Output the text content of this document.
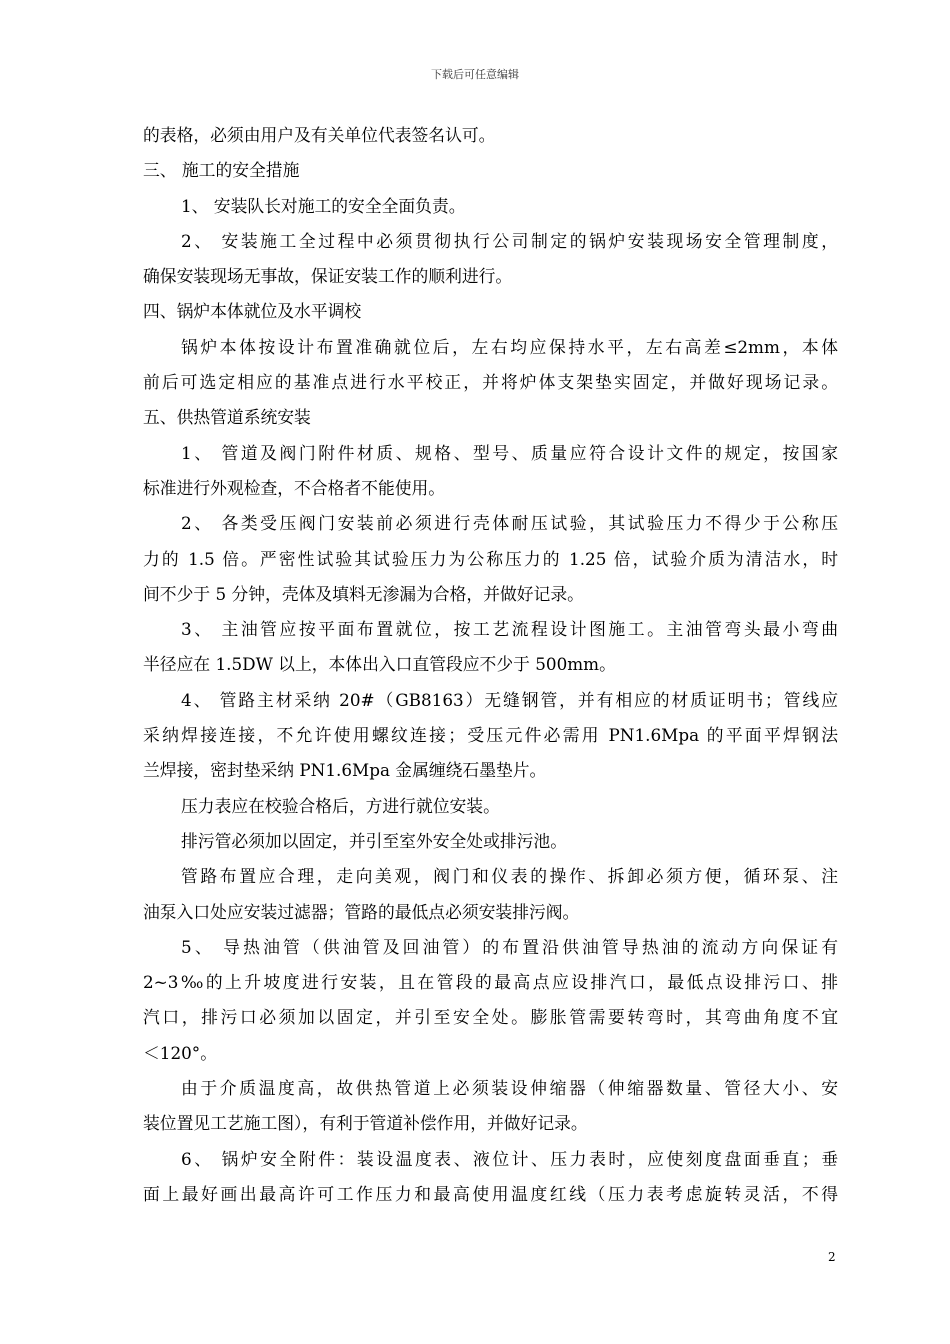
下载后可任意编辑
的表格，必须由用户及有关单位代表签名认可。
三、 施工的安全措施
1、 安装队长对施工的安全全面负责。
2、 安装施工全过程中必须贯彻执行公司制定的锅炉安装现场安全管理制度，
确保安装现场无事故，保证安装工作的顺利进行。
四、锅炉本体就位及水平调校
锅炉本体按设计布置准确就位后，左右均应保持水平，左右高差≤2mm，本体
前后可选定相应的基准点进行水平校正，并将炉体支架垫实固定，并做好现场记录。
五、供热管道系统安装
1、 管道及阀门附件材质、规格、型号、质量应符合设计文件的规定，按国家
标准进行外观检查，不合格者不能使用。
2、 各类受压阀门安装前必须进行壳体耐压试验，其试验压力不得少于公称压
力的 1.5 倍。严密性试验其试验压力为公称压力的 1.25 倍，试验介质为清洁水，时
间不少于 5 分钟，壳体及填料无渗漏为合格，并做好记录。
3、 主油管应按平面布置就位，按工艺流程设计图施工。主油管弯头最小弯曲
半径应在 1.5DW 以上，本体出入口直管段应不少于 500mm。
4、 管路主材采纳 20#（GB8163）无缝钢管，并有相应的材质证明书；管线应
采纳焊接连接，不允许使用螺纹连接；受压元件必需用 PN1.6Mpa 的平面平焊钢法
兰焊接，密封垫采纳 PN1.6Mpa 金属缠绕石墨垫片。
压力表应在校验合格后，方进行就位安装。
排污管必须加以固定，并引至室外安全处或排污池。
管路布置应合理，走向美观，阀门和仪表的操作、拆卸必须方便，循环泵、注
油泵入口处应安装过滤器；管路的最低点必须安装排污阀。
5、 导热油管（供油管及回油管）的布置沿供油管导热油的流动方向保证有
2~3‰的上升坡度进行安装，且在管段的最高点应设排汽口，最低点设排污口、排
汽口，排污口必须加以固定，并引至安全处。膨胀管需要转弯时，其弯曲角度不宜
＜120°。
由于介质温度高，故供热管道上必须装设伸缩器（伸缩器数量、管径大小、安
装位置见工艺施工图），有利于管道补偿作用，并做好记录。
6、 锅炉安全附件：装设温度表、液位计、压力表时，应使刻度盘面垂直；垂
面上最好画出最高许可工作压力和最高使用温度红线（压力表考虑旋转灵活，不得
2
